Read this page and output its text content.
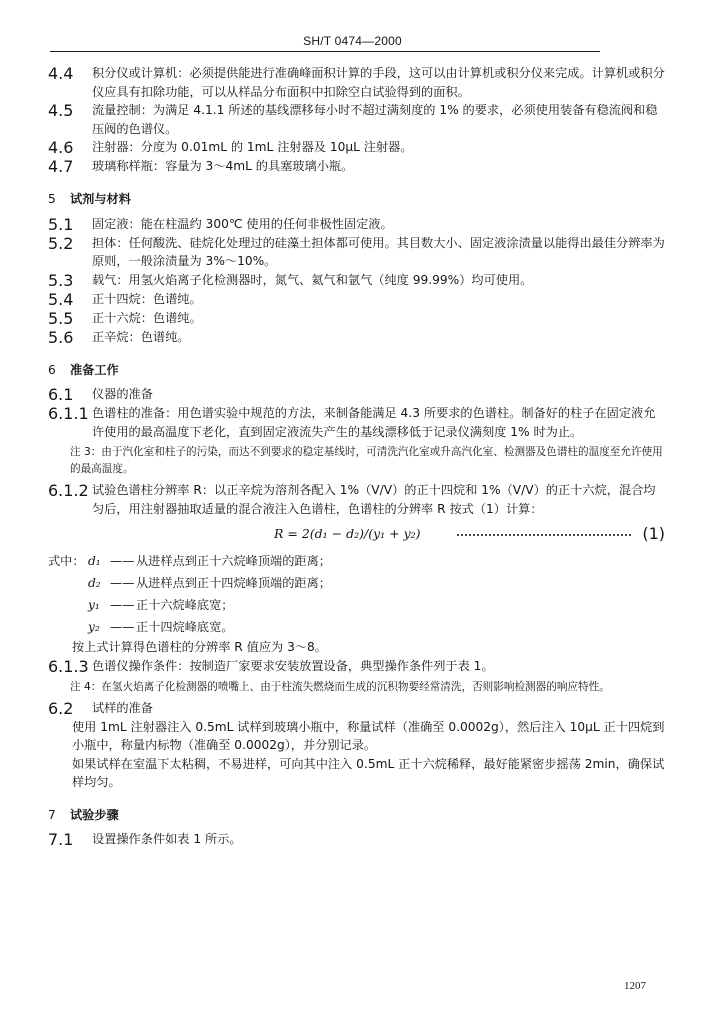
SH/T 0474—2000
4.4	积分仪或计算机：必须提供能进行准确峰面积计算的手段，这可以由计算机或积分仪来完成。计算机或积分仪应具有扣除功能，可以从样品分布面积中扣除空白试验得到的面积。

4.5	流量控制：为满足 4.1.1 所述的基线漂移每小时不超过满刻度的 1% 的要求，必须使用装备有稳流阀和稳压阀的色谱仪。

4.6	注射器：分度为 0.01mL 的 1mL 注射器及 10μL 注射器。

4.7	玻璃称样瓶：容量为 3～4mL 的具塞玻璃小瓶。

5 试剂与材料

5.1	固定液：能在柱温约 300℃ 使用的任何非极性固定液。

5.2	担体：任何酸洗、硅烷化处理过的硅藻土担体都可使用。其目数大小、固定液涂渍量以能得出最佳分辨率为原则，一般涂渍量为 3%～10%。

5.3	载气：用氢火焰离子化检测器时，氮气、氦气和氩气（纯度 99.99%）均可使用。

5.4	正十四烷：色谱纯。

5.5	正十六烷：色谱纯。

5.6	正辛烷：色谱纯。

6 准备工作

6.1	仪器的准备

6.1.1 色谱柱的准备：用色谱实验中规范的方法，来制备能满足 4.3 所要求的色谱柱。制备好的柱子在固定液允许使用的最高温度下老化，直到固定液流失产生的基线漂移低于记录仪满刻度 1% 时为止。

注 3：由于汽化室和柱子的污染，而达不到要求的稳定基线时，可清洗汽化室或升高汽化室、检测器及色谱柱的温度至允许使用的最高温度。

6.1.2 试验色谱柱分辨率 R：以正辛烷为溶剂各配入 1%（V/V）的正十四烷和 1%（V/V）的正十六烷，混合均匀后，用注射器抽取适量的混合液注入色谱柱，色谱柱的分辨率 R 按式（1）计算：

R = 2(d₁ − d₂)/(y₁ + y₂)	(1)
式中： d₁ —— 从进样点到正十六烷峰顶端的距离；
d₂ —— 从进样点到正十四烷峰顶端的距离；
y₁ —— 正十六烷峰底宽；
y₂ —— 正十四烷峰底宽。

按上式计算得色谱柱的分辨率 R 值应为 3～8。

6.1.3 色谱仪操作条件：按制造厂家要求安装放置设备，典型操作条件列于表 1。

注 4：在氢火焰离子化检测器的喷嘴上、由于柱流失燃烧而生成的沉积物要经常清洗，否则影响检测器的响应特性。

6.2	试样的准备

使用 1mL 注射器注入 0.5mL 试样到玻璃小瓶中，称量试样（准确至 0.0002g），然后注入 10μL 正十四烷到小瓶中，称量内标物（准确至 0.0002g），并分别记录。

如果试样在室温下太粘稠，不易进样，可向其中注入 0.5mL 正十六烷稀释，最好能紧密步摇荡 2min，确保试样均匀。

7 试验步骤

7.1	设置操作条件如表 1 所示。

1207
